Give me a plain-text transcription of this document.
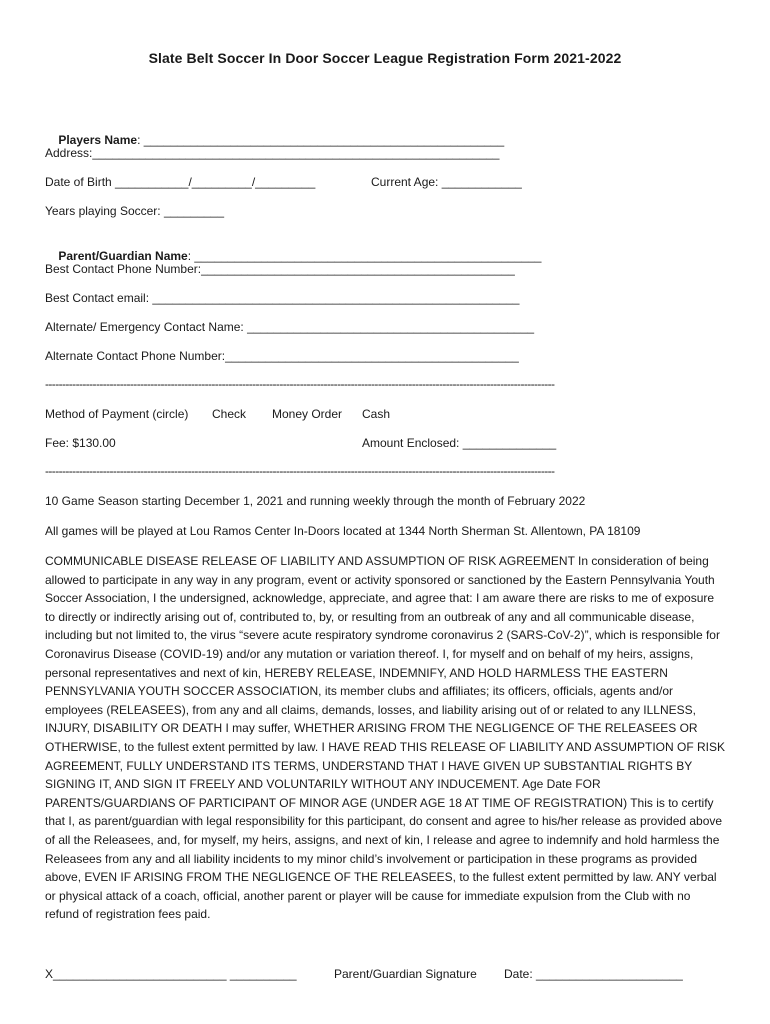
Slate Belt Soccer In Door Soccer League Registration Form 2021-2022

Players Name: ______________________________________________________

Address:_____________________________________________________________
Date of Birth ___________/_________/_________	Current Age: ____________
Years playing Soccer: _________

Parent/Guardian Name: ____________________________________________________

Best Contact Phone Number:_______________________________________________
Best Contact email: _______________________________________________________
Alternate/ Emergency Contact Name: ___________________________________________
Alternate Contact Phone Number:____________________________________________
------------------------------------------------------------------------------------------------------------------------------------------------------
Method of Payment (circle) Check Money Order Cash
Fee: $130.00	Amount Enclosed: ______________
------------------------------------------------------------------------------------------------------------------------------------------------------
10 Game Season starting December 1, 2021 and running weekly through the month of February 2022
All games will be played at Lou Ramos Center In-Doors located at 1344 North Sherman St. Allentown, PA 18109
COMMUNICABLE DISEASE RELEASE OF LIABILITY AND ASSUMPTION OF RISK AGREEMENT In consideration of being allowed to participate in any way in any program, event or activity sponsored or sanctioned by the Eastern Pennsylvania Youth Soccer Association, I the undersigned, acknowledge, appreciate, and agree that: I am aware there are risks to me of exposure to directly or indirectly arising out of, contributed to, by, or resulting from an outbreak of any and all communicable disease, including but not limited to, the virus “severe acute respiratory syndrome coronavirus 2 (SARS-CoV-2)”, which is responsible for Coronavirus Disease (COVID-19) and/or any mutation or variation thereof. I, for myself and on behalf of my heirs, assigns, personal representatives and next of kin, HEREBY RELEASE, INDEMNIFY, AND HOLD HARMLESS THE EASTERN PENNSYLVANIA YOUTH SOCCER ASSOCIATION, its member clubs and affiliates; its officers, officials, agents and/or employees (RELEASEES), from any and all claims, demands, losses, and liability arising out of or related to any ILLNESS, INJURY, DISABILITY OR DEATH I may suffer, WHETHER ARISING FROM THE NEGLIGENCE OF THE RELEASEES OR OTHERWISE, to the fullest extent permitted by law. I HAVE READ THIS RELEASE OF LIABILITY AND ASSUMPTION OF RISK AGREEMENT, FULLY UNDERSTAND ITS TERMS, UNDERSTAND THAT I HAVE GIVEN UP SUBSTANTIAL RIGHTS BY SIGNING IT, AND SIGN IT FREELY AND VOLUNTARILY WITHOUT ANY INDUCEMENT. Age Date FOR PARENTS/GUARDIANS OF PARTICIPANT OF MINOR AGE (UNDER AGE 18 AT TIME OF REGISTRATION) This is to certify that I, as parent/guardian with legal responsibility for this participant, do consent and agree to his/her release as provided above of all the Releasees, and, for myself, my heirs, assigns, and next of kin, I release and agree to indemnify and hold harmless the Releasees from any and all liability incidents to my minor child’s involvement or participation in these programs as provided above, EVEN IF ARISING FROM THE NEGLIGENCE OF THE RELEASEES, to the fullest extent permitted by law. ANY verbal or physical attack of a coach, official, another parent or player will be cause for immediate expulsion from the Club with no refund of registration fees paid.
X__________________________ __________	Parent/Guardian Signature Date: ______________________
